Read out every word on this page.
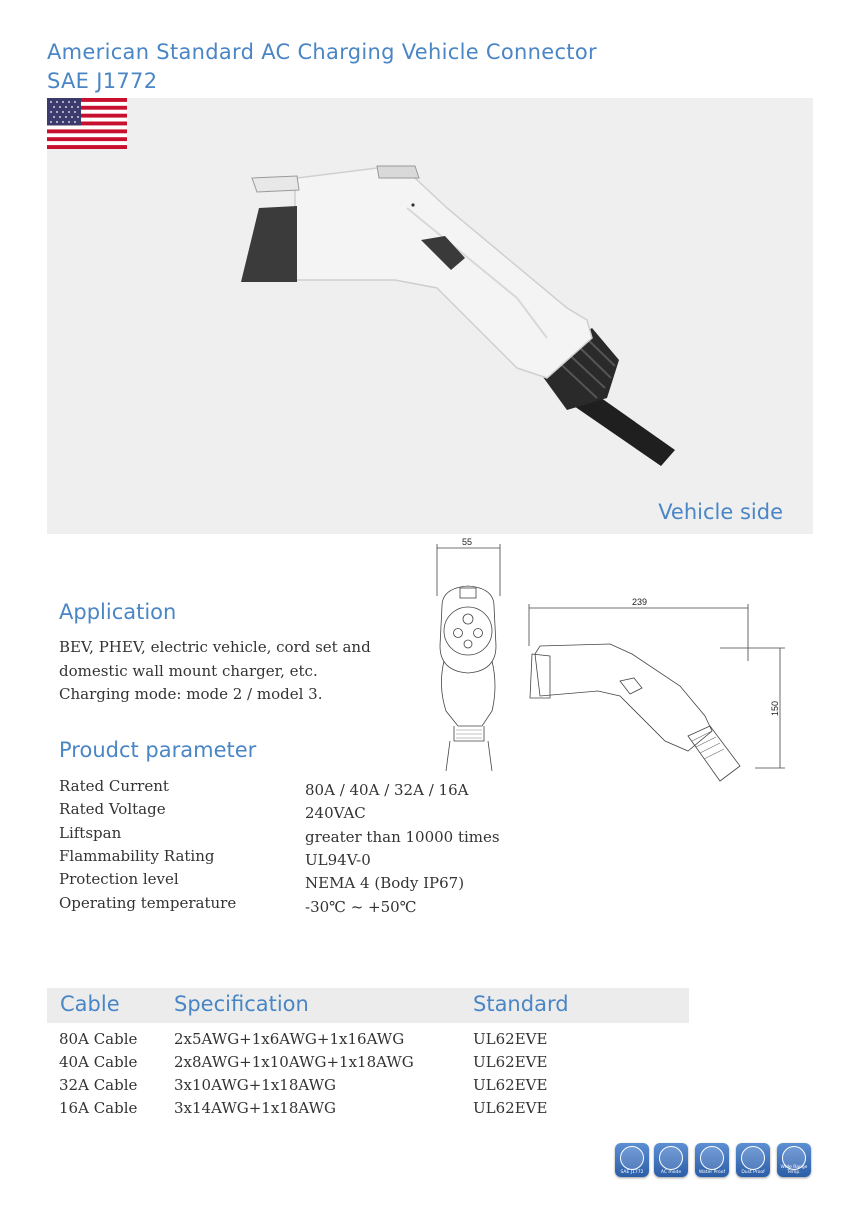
American Standard AC Charging Vehicle Connector
SAE J1772
Vehicle side
55
239
150
Application
BEV, PHEV, electric vehicle, cord set and
domestic wall mount charger, etc.
Charging mode: mode 2 / model 3.
Proudct parameter
Rated Current	80A / 40A / 32A / 16A
Rated Voltage	240VAC
Liftspan	greater than 10000 times
Flammability Rating	UL94V-0
Protection level	NEMA 4 (Body IP67)
Operating temperature	-30℃ ~ +50℃
Cable	Specification	Standard
80A Cable 2x5AWG+1x6AWG+1x16AWG	UL62EVE
40A Cable 2x8AWG+1x10AWG+1x18AWG	UL62EVE
32A Cable 3x10AWG+1x18AWG	UL62EVE
16A Cable 3x14AWG+1x18AWG	UL62EVE
SAE J1772	AC mode	Water Proof	Dust Proof
Wide Range Temp.
